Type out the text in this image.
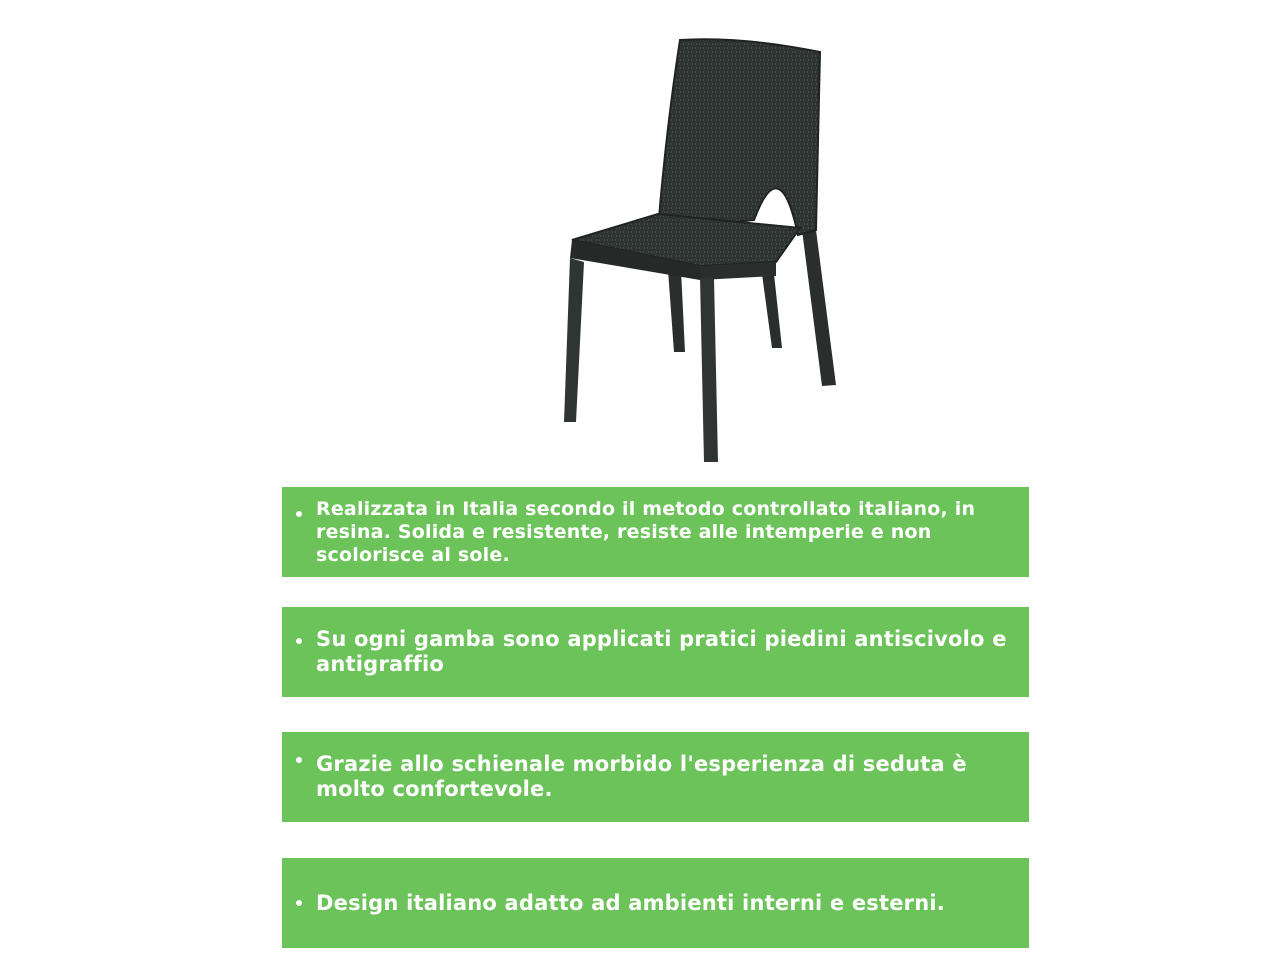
Realizzata in Italia secondo il metodo controllato italiano, in resina. Solida e resistente, resiste alle intemperie e non scolorisce al sole.
Su ogni gamba sono applicati pratici piedini antiscivolo e antigraffio
Grazie allo schienale morbido l'esperienza di seduta è molto confortevole.
Design italiano adatto ad ambienti interni e esterni.
